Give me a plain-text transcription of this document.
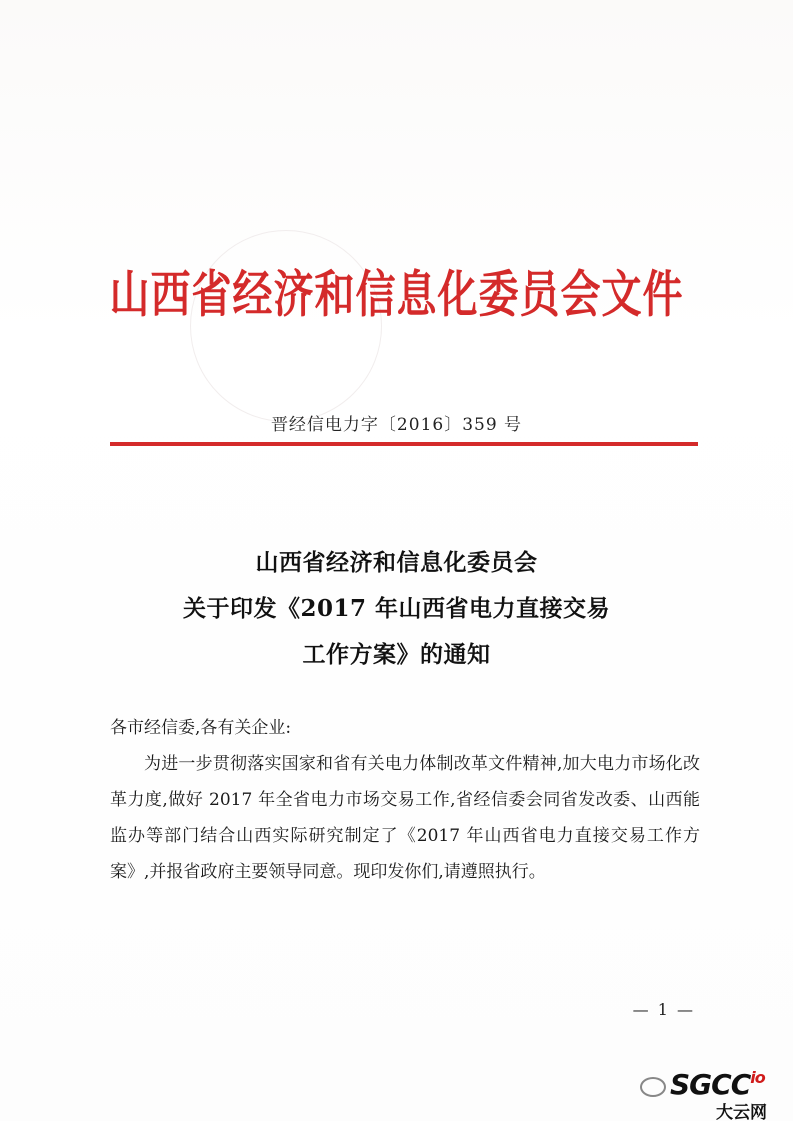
山西省经济和信息化委员会文件
晋经信电力字〔2016〕359 号
山西省经济和信息化委员会
关于印发《2017 年山西省电力直接交易
工作方案》的通知

各市经信委,各有关企业:

为进一步贯彻落实国家和省有关电力体制改革文件精神,加大电力市场化改革力度,做好 2017 年全省电力市场交易工作,省经信委会同省发改委、山西能监办等部门结合山西实际研究制定了《2017 年山西省电力直接交易工作方案》,并报省政府主要领导同意。现印发你们,请遵照执行。

— 1 —
$SGCC^{io}$
大云网
